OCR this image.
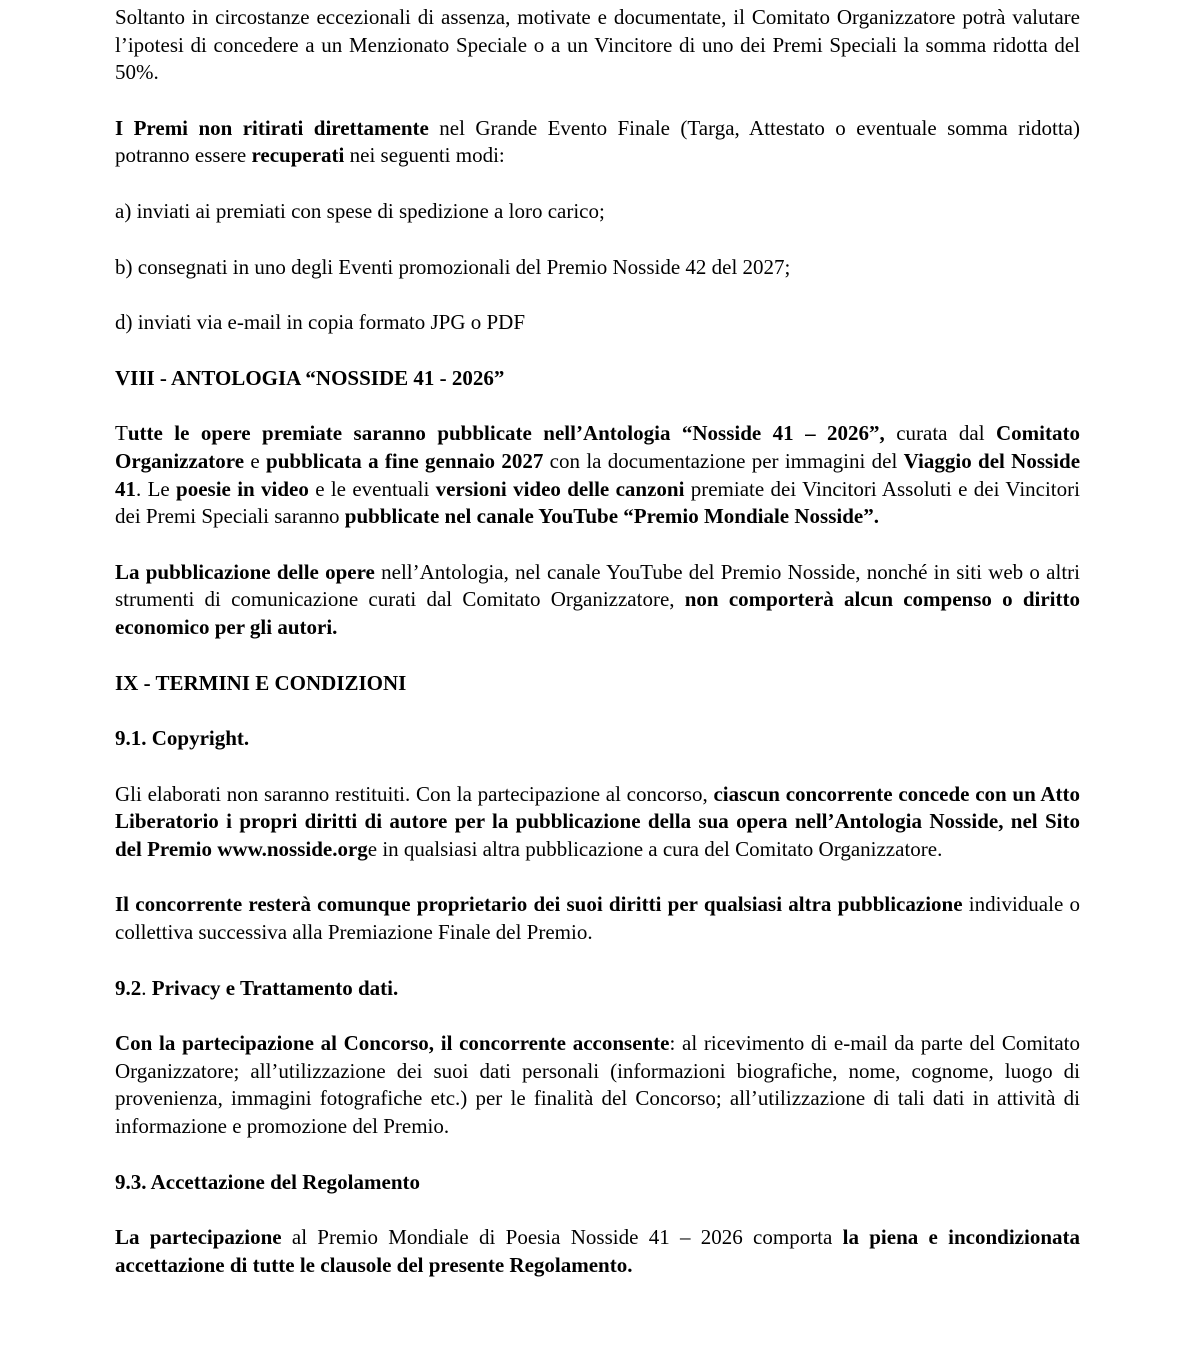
Soltanto in circostanze eccezionali di assenza, motivate e documentate, il Comitato Organizzatore potrà valutare l’ipotesi di concedere a un Menzionato Speciale o a un Vincitore di uno dei Premi Speciali la somma ridotta del 50%.

I Premi non ritirati direttamente nel Grande Evento Finale (Targa, Attestato o eventuale somma ridotta) potranno essere recuperati nei seguenti modi:

a) inviati ai premiati con spese di spedizione a loro carico;

b) consegnati in uno degli Eventi promozionali del Premio Nosside 42 del 2027;

d) inviati via e-mail in copia formato JPG o PDF

VIII - ANTOLOGIA “NOSSIDE 41 - 2026”

Tutte le opere premiate saranno pubblicate nell’Antologia “Nosside 41 – 2026”, curata dal Comitato Organizzatore e pubblicata a fine gennaio 2027 con la documentazione per immagini del Viaggio del Nosside 41. Le poesie in video e le eventuali versioni video delle canzoni premiate dei Vincitori Assoluti e dei Vincitori dei Premi Speciali saranno pubblicate nel canale YouTube “Premio Mondiale Nosside”.

La pubblicazione delle opere nell’Antologia, nel canale YouTube del Premio Nosside, nonché in siti web o altri strumenti di comunicazione curati dal Comitato Organizzatore, non comporterà alcun compenso o diritto economico per gli autori.

IX - TERMINI E CONDIZIONI

9.1. Copyright.

Gli elaborati non saranno restituiti. Con la partecipazione al concorso, ciascun concorrente concede con un Atto Liberatorio i propri diritti di autore per la pubblicazione della sua opera nell’Antologia Nosside, nel Sito del Premio www.nosside.orge in qualsiasi altra pubblicazione a cura del Comitato Organizzatore.

Il concorrente resterà comunque proprietario dei suoi diritti per qualsiasi altra pubblicazione individuale o collettiva successiva alla Premiazione Finale del Premio.

9.2. Privacy e Trattamento dati.

Con la partecipazione al Concorso, il concorrente acconsente: al ricevimento di e-mail da parte del Comitato Organizzatore; all’utilizzazione dei suoi dati personali (informazioni biografiche, nome, cognome, luogo di provenienza, immagini fotografiche etc.) per le finalità del Concorso; all’utilizzazione di tali dati in attività di informazione e promozione del Premio.

9.3. Accettazione del Regolamento

La partecipazione al Premio Mondiale di Poesia Nosside 41 – 2026 comporta la piena e incondizionata accettazione di tutte le clausole del presente Regolamento.
